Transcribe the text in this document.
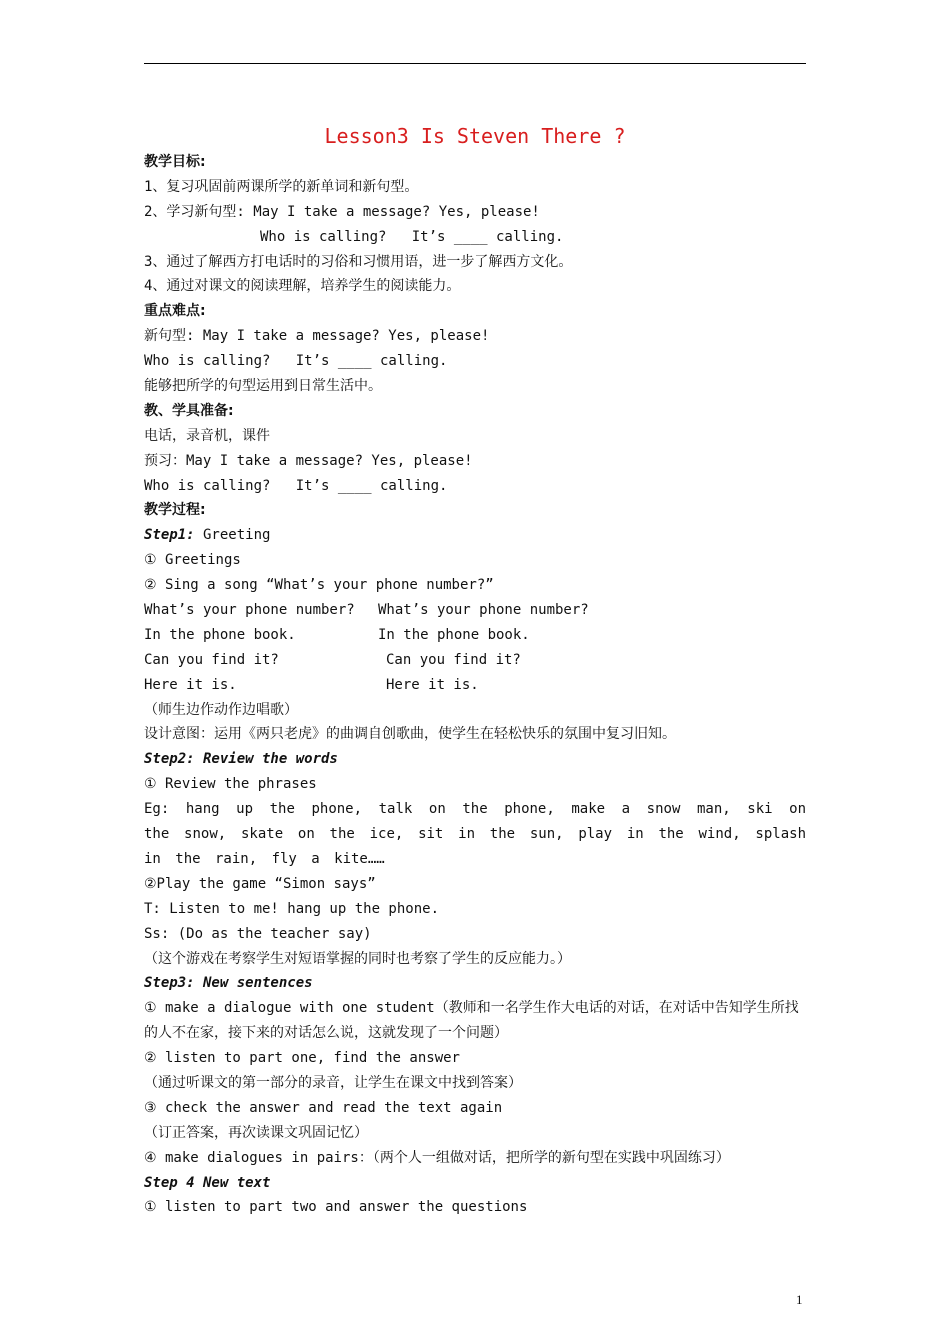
Lesson3 Is Steven There ?
教学目标:
1、复习巩固前两课所学的新单词和新句型。
2、学习新句型: May I take a message? Yes, please!
Who is calling?   It’s ____ calling.
3、通过了解西方打电话时的习俗和习惯用语，进一步了解西方文化。
4、通过对课文的阅读理解，培养学生的阅读能力。
重点难点:
新句型: May I take a message? Yes, please!
Who is calling?   It’s ____ calling.
能够把所学的句型运用到日常生活中。
教、学具准备:
电话，录音机，课件
预习：May I take a message? Yes, please!
Who is calling?   It’s ____ calling.
教学过程:
Step1: Greeting
① Greetings
② Sing a song “What’s your phone number?”
What’s your phone number? What’s your phone number?
In the phone book.	In the phone book.
Can you find it?	Can you find it?
Here it is.	Here it is.
（师生边作动作边唱歌）
设计意图：运用《两只老虎》的曲调自创歌曲，使学生在轻松快乐的氛围中复习旧知。
Step2: Review the words
① Review the phrases
Eg: hang up the phone, talk on the phone, make a snow man, ski on the snow, skate on the ice, sit in the sun, play in the wind, splash in the rain, fly a kite……
②Play the game “Simon says”
T: Listen to me! hang up the phone.
Ss: (Do as the teacher say)
（这个游戏在考察学生对短语掌握的同时也考察了学生的反应能力。）
Step3: New sentences
① make a dialogue with one student（教师和一名学生作大电话的对话，在对话中告知学生所找的人不在家，接下来的对话怎么说，这就发现了一个问题）
② listen to part one, find the answer
（通过听课文的第一部分的录音，让学生在课文中找到答案）
③ check the answer and read the text again
（订正答案，再次读课文巩固记忆）
④ make dialogues in pairs：（两个人一组做对话，把所学的新句型在实践中巩固练习）
Step 4 New text
① listen to part two and answer the questions
1
